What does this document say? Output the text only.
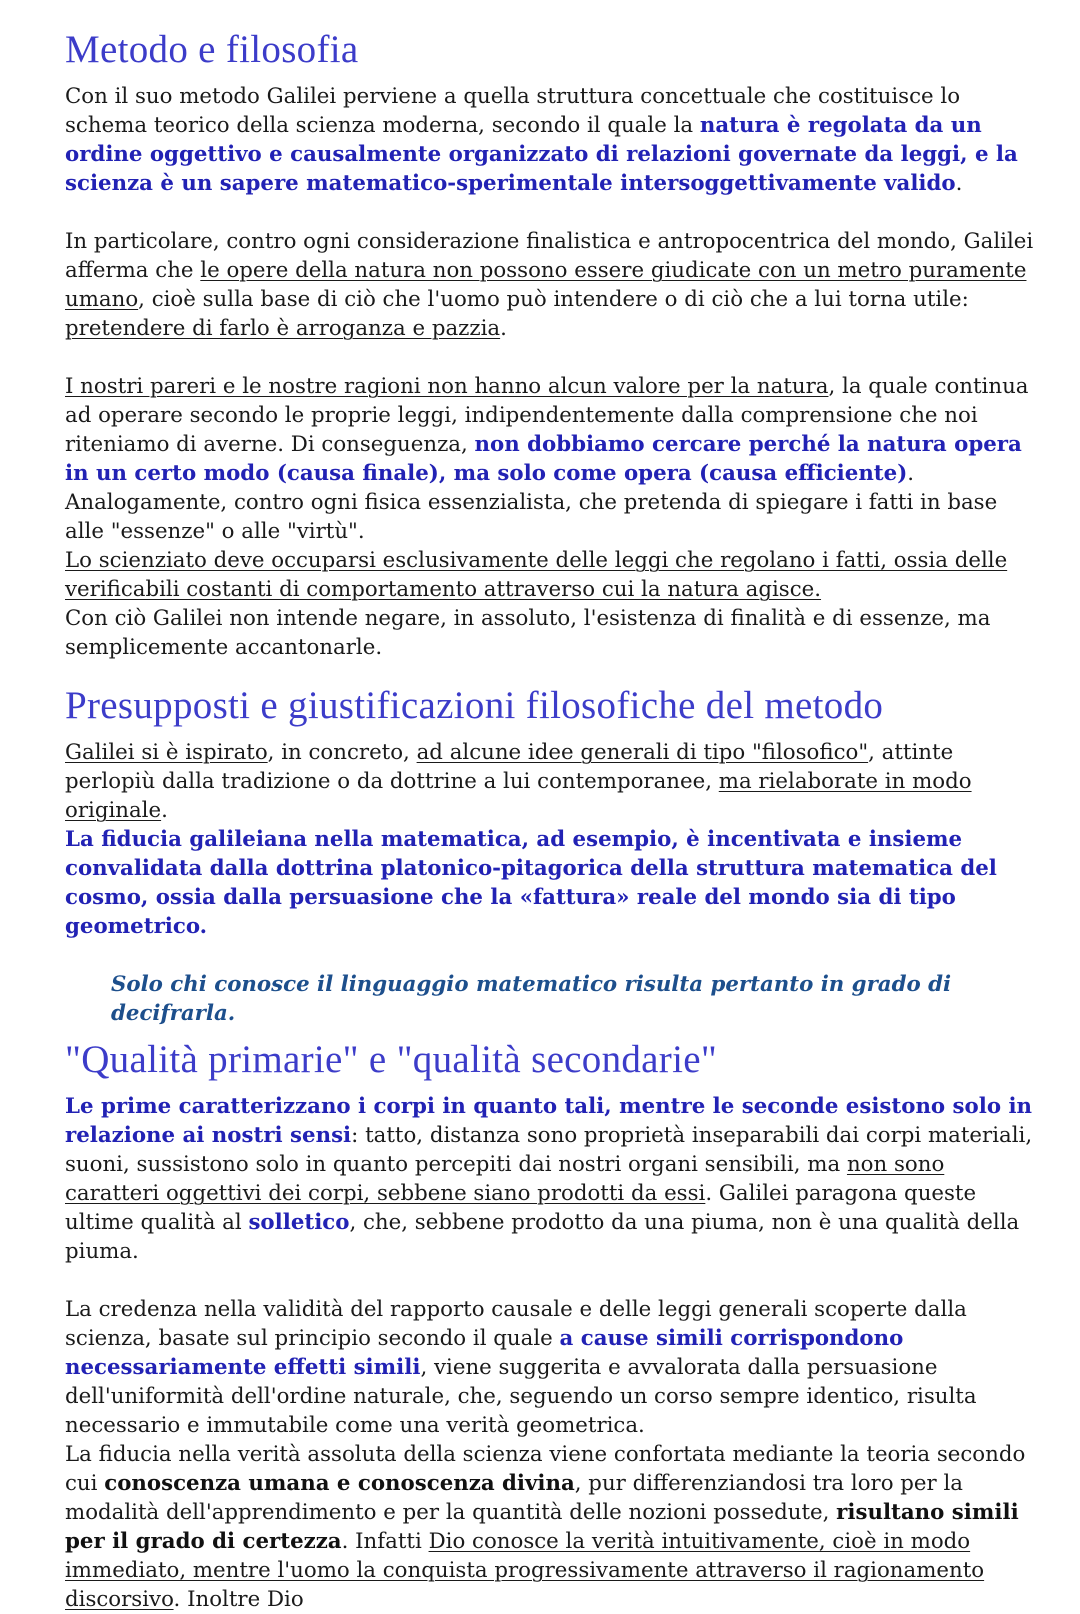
Metodo e filosofia

Con il suo metodo Galilei perviene a quella struttura concettuale che costituisce lo schema teorico della scienza moderna, secondo il quale la natura è regolata da un ordine oggettivo e causalmente organizzato di relazioni governate da leggi, e la scienza è un sapere matematico-sperimentale intersoggettivamente valido.

In particolare, contro ogni considerazione finalistica e antropocentrica del mondo, Galilei afferma che le opere della natura non possono essere giudicate con un metro puramente umano, cioè sulla base di ciò che l'uomo può intendere o di ciò che a lui torna utile: pretendere di farlo è arroganza e pazzia.

I nostri pareri e le nostre ragioni non hanno alcun valore per la natura, la quale continua ad operare secondo le proprie leggi, indipendentemente dalla comprensione che noi riteniamo di averne. Di conseguenza, non dobbiamo cercare perché la natura opera in un certo modo (causa finale), ma solo come opera (causa efficiente).
Analogamente, contro ogni fisica essenzialista, che pretenda di spiegare i fatti in base alle "essenze" o alle "virtù".
Lo scienziato deve occuparsi esclusivamente delle leggi che regolano i fatti, ossia delle verificabili costanti di comportamento attraverso cui la natura agisce.
Con ciò Galilei non intende negare, in assoluto, l'esistenza di finalità e di essenze, ma semplicemente accantonarle.

Presupposti e giustificazioni filosofiche del metodo

Galilei si è ispirato, in concreto, ad alcune idee generali di tipo "filosofico", attinte perlopiù dalla tradizione o da dottrine a lui contemporanee, ma rielaborate in modo originale.
La fiducia galileiana nella matematica, ad esempio, è incentivata e insieme convalidata dalla dottrina platonico-pitagorica della struttura matematica del cosmo, ossia dalla persuasione che la «fattura» reale del mondo sia di tipo geometrico.

Solo chi conosce il linguaggio matematico risulta pertanto in grado di decifrarla.

"Qualità primarie" e "qualità secondarie"

Le prime caratterizzano i corpi in quanto tali, mentre le seconde esistono solo in relazione ai nostri sensi: tatto, distanza sono proprietà inseparabili dai corpi materiali, suoni, sussistono solo in quanto percepiti dai nostri organi sensibili, ma non sono caratteri oggettivi dei corpi, sebbene siano prodotti da essi. Galilei paragona queste ultime qualità al solletico, che, sebbene prodotto da una piuma, non è una qualità della piuma.

La credenza nella validità del rapporto causale e delle leggi generali scoperte dalla scienza, basate sul principio secondo il quale a cause simili corrispondono necessariamente effetti simili, viene suggerita e avvalorata dalla persuasione dell'uniformità dell'ordine naturale, che, seguendo un corso sempre identico, risulta necessario e immutabile come una verità geometrica.
La fiducia nella verità assoluta della scienza viene confortata mediante la teoria secondo cui conoscenza umana e conoscenza divina, pur differenziandosi tra loro per la modalità dell'apprendimento e per la quantità delle nozioni possedute, risultano simili per il grado di certezza. Infatti Dio conosce la verità intuitivamente, cioè in modo immediato, mentre l'uomo la conquista progressivamente attraverso il ragionamento discorsivo. Inoltre Dio
